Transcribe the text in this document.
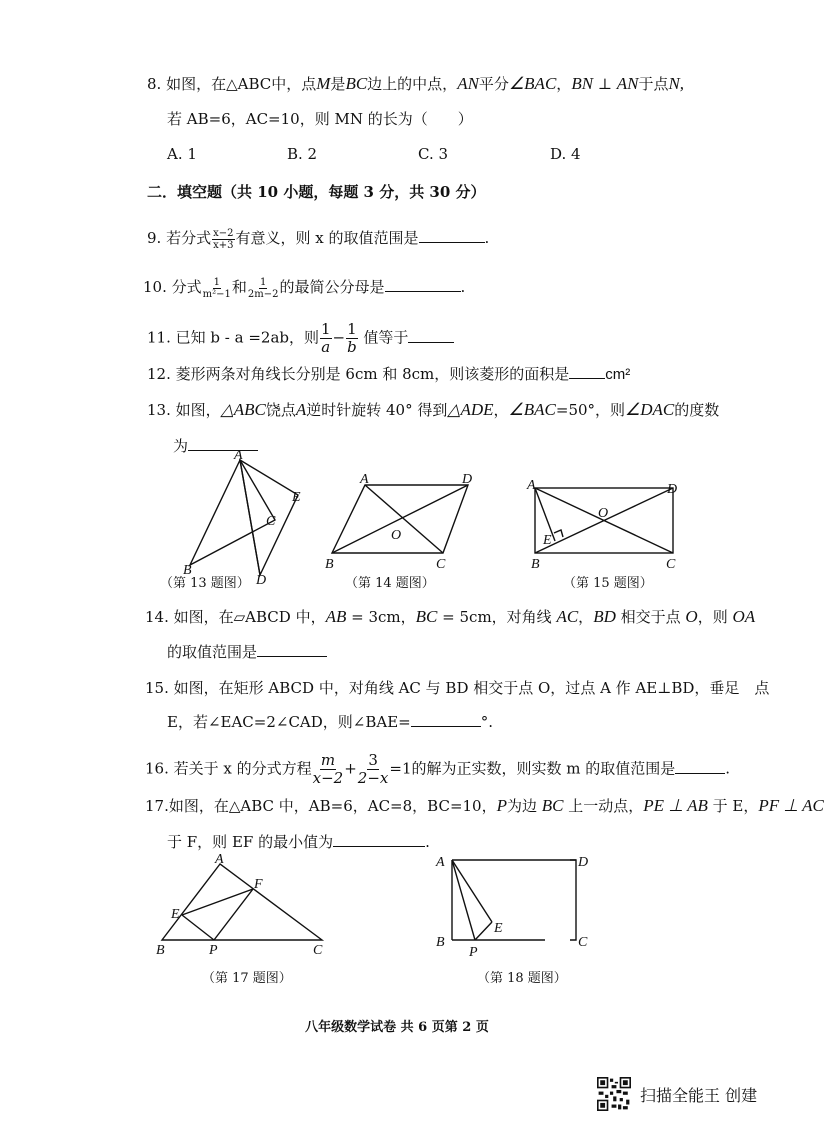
8. 如图，在△ABC中，点M是BC边上的中点，AN平分∠BAC，BN ⊥ AN于点N,
若 AB=6，AC=10，则 MN 的长为（　　）
A. 1	B. 2	C. 3	D. 4
二．填空题（共 10 小题，每题 3 分，共 30 分）
9. 若分式 $\frac{x-2}{x+3}$ 有意义，则 x 的取值范围是	.
10. 分式 $\frac{1}{\text{m²−1}}$ 和 $\frac{1}{2m-2}$ 的最简公分母是	.
11. 已知 b - a =2ab，则 $\frac{1}{a} - \frac{1}{b}$ 值等于
12. 菱形两条对角线长分别是 6cm 和 8cm，则该菱形的面积是 cm²
13. 如图，△ABC饶点A逆时针旋转 40° 得到△ADE，∠BAC=50°，则∠DAC的度数
为
A
E
C
B
D
（第 13 题图）
A	D
O
B	C
（第 14 题图）
A	D
O
E
B	C
（第 15 题图）
14. 如图，在▱ABCD 中，AB = 3cm，BC = 5cm，对角线 AC，BD 相交于点 O，则 OA
的取值范围是
15. 如图，在矩形 ABCD 中，对角线 AC 与 BD 相交于点 O，过点 A 作 AE⊥BD，垂足　点
E，若∠EAC=2∠CAD，则∠BAE=	°.
16. 若关于 x 的分式方程 $\frac{m}{x-2} + \frac{3}{2-x} =1$的解为正实数，则实数 m 的取值范围是	.
17.如图，在△ABC 中，AB=6，AC=8，BC=10，P为边 BC 上一动点，PE ⊥ AB 于 E，PF ⊥ AC
于 F，则 EF 的最小值为	.
A
F
E
B	P	C
（第 17 题图）
A	D
E
B
P
C
（第 18 题图）
八年级数学试卷 共 6 页第 2 页
扫描全能王 创建
